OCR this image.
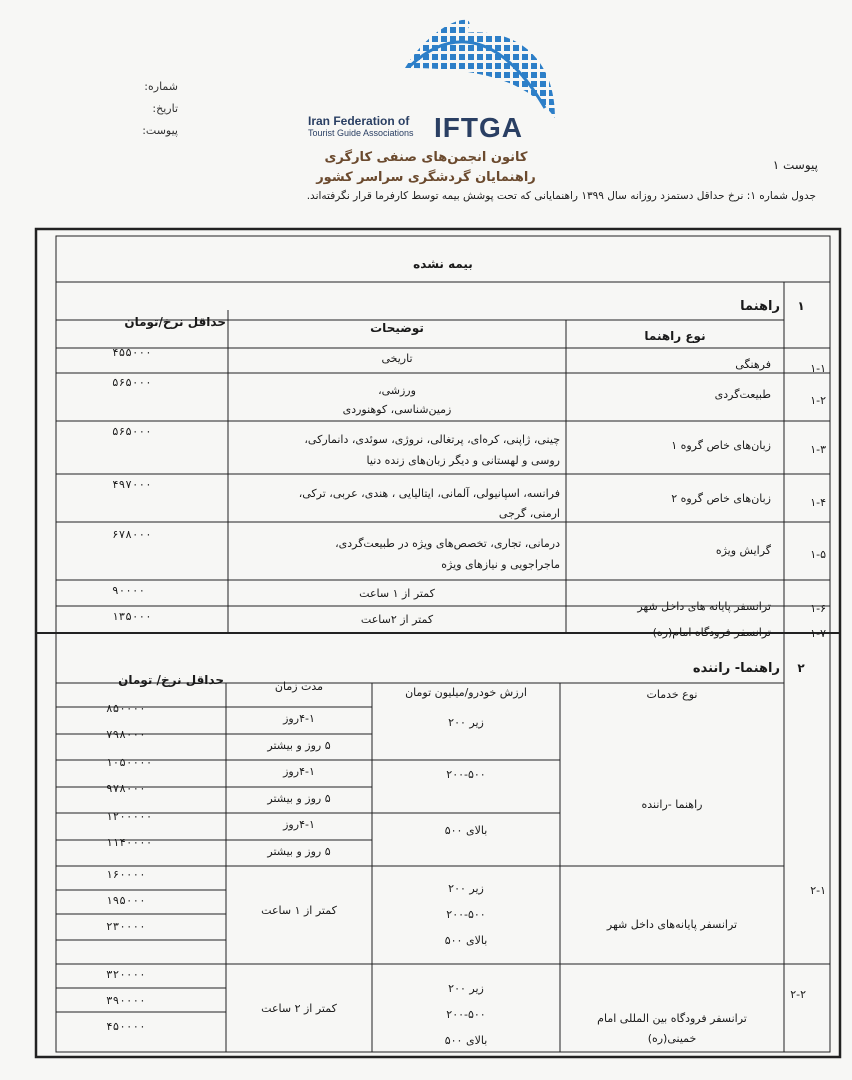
شماره:
تاریخ:
پیوست:
Iran Federation of
Tourist Guide Associations IFTGA
کانون انجمن‌های صنفی کارگری
راهنمایان گردشگری سراسر کشور
پیوست ۱
جدول شماره ۱: نرخ حداقل دستمزد روزانه سال ۱۳۹۹ راهنمایانی که تحت پوشش بیمه توسط کارفرما قرار نگرفته‌اند.
بیمه نشده
۱
راهنما
نوع راهنما
توضیحات
حداقل نرخ/تومان
۱-۱
فرهنگی
تاریخی
۴۵۵۰۰۰
۱-۲
طبیعت‌گردی
ورزشی،
زمین‌شناسی، کوهنوردی
۵۶۵۰۰۰
۱-۳
زبان‌های خاص گروه ۱
چینی، ژاپنی، کره‌ای، پرتغالی، نروژی، سوئدی، دانمارکی،
روسی و لهستانی و دیگر زبان‌های زنده دنیا
۵۶۵۰۰۰
۱-۴
زبان‌های خاص گروه ۲
فرانسه، اسپانیولی، آلمانی، ایتالیایی ، هندی، عربی، ترکی،
ارمنی، گرجی
۴۹۷۰۰۰
۱-۵
گرایش ویژه
درمانی، تجاری، تخصص‌های ویژه در طبیعت‌گردی،
ماجراجویی و نیازهای ویژه
۶۷۸۰۰۰
۱-۶
ترانسفر پایانه های داخل شهر
کمتر از ۱ ساعت
۹۰۰۰۰
۱-۷
ترانسفر فرودگاه امام(ره)
کمتر از ۲ساعت
۱۳۵۰۰۰
۲
راهنما- راننده
نوع خدمات
ارزش خودرو/میلیون تومان
مدت زمان
حداقل نرخ/ تومان
راهنما -راننده
ترانسفر پایانه‌های داخل شهر
ترانسفر فرودگاه بین المللی امام
خمینی(ره)
۲-۱
۲-۲
زیر ۲۰۰
۲۰۰-۵۰۰
بالای ۵۰۰
زیر ۲۰۰
۲۰۰-۵۰۰
بالای ۵۰۰
زیر ۲۰۰
۲۰۰-۵۰۰
بالای ۵۰۰
۴-۱روز
۵ روز و بیشتر
۴-۱روز
۵ روز و بیشتر
۴-۱روز
۵ روز و بیشتر
کمتر از ۱ ساعت
کمتر از ۲ ساعت
۸۵۰۰۰۰
۷۹۸۰۰۰
۱۰۵۰۰۰۰
۹۷۸۰۰۰
۱۲۰۰۰۰۰
۱۱۴۰۰۰۰
۱۶۰۰۰۰
۱۹۵۰۰۰
۲۳۰۰۰۰
۳۲۰۰۰۰
۳۹۰۰۰۰
۴۵۰۰۰۰
